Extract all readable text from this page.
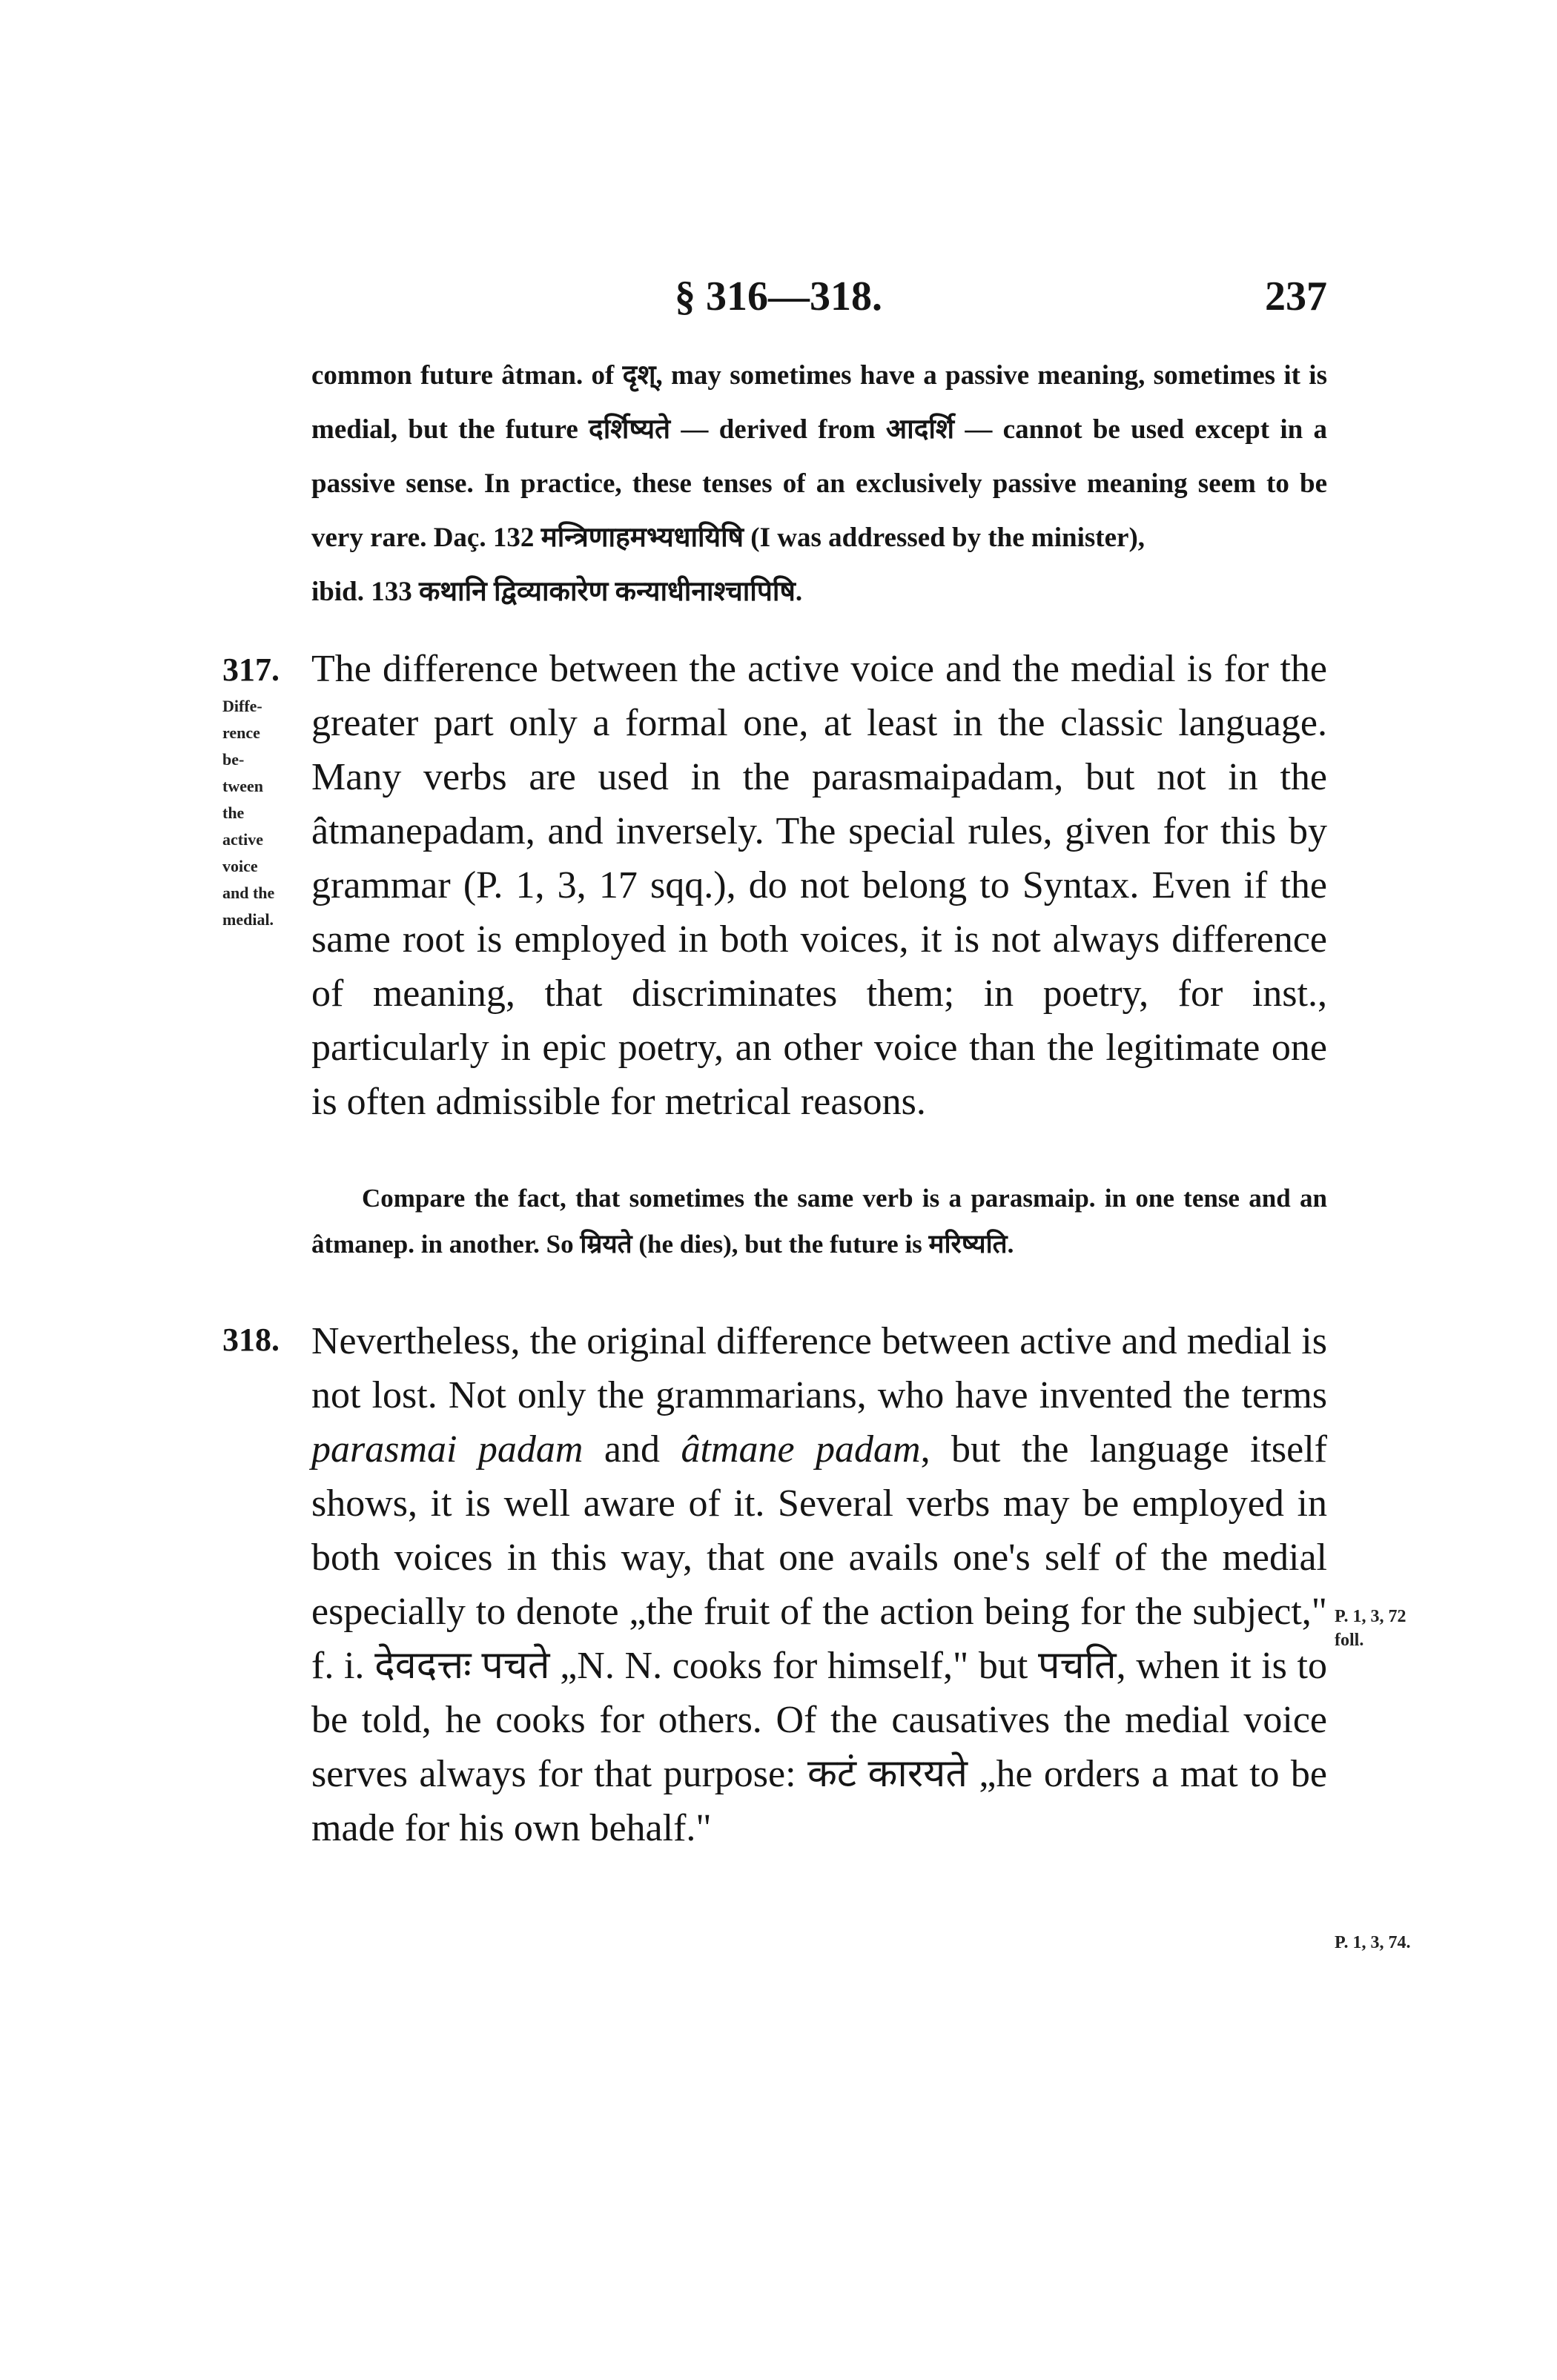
§ 316—318.	237

common future âtman. of दृश्, may sometimes have a passive meaning, sometimes it is medial, but the future दर्शिष्यते — derived from आदर्शि — cannot be used except in a passive sense. In practice, these tenses of an exclusively passive meaning seem to be very rare. Daç. 132 मन्त्रिणाहमभ्यधायिषि (I was addressed by the minister),

ibid. 133 कथानि द्विव्याकारेण कन्याधीनाश्चापिषि.
317.
Diffe- rence be- tween the active voice and the medial.

The difference between the active voice and the medial is for the greater part only a formal one, at least in the classic language. Many verbs are used in the parasmaipadam, but not in the âtmanepadam, and inversely. The special rules, given for this by grammar (P. 1, 3, 17 sqq.), do not belong to Syntax. Even if the same root is employed in both voices, it is not always difference of meaning, that discriminates them; in poetry, for inst., particularly in epic poetry, an other voice than the legitimate one is often admissible for metrical reasons.

Compare the fact, that sometimes the same verb is a parasmaip. in one tense and an âtmanep. in another. So म्रियते (he dies), but the future is मरिष्यति.

318. Nevertheless, the original difference between active and medial is not lost. Not only the grammarians, who have invented the terms parasmai padam and âtmane padam, but the language itself shows, it is well aware of it. Several verbs may be employed in both voices in this way, that one avails one's self of the medial especially to denote „the fruit of the action being for the subject," f. i. देवदत्तः पचते „N. N. cooks for himself," but पचति, when it is to be told, he cooks for others. Of the causatives the medial voice serves always for that purpose: कटं कारयते „he orders a mat to be made for his own behalf."

P. 1, 3, 72 foll.
P. 1, 3, 74.
